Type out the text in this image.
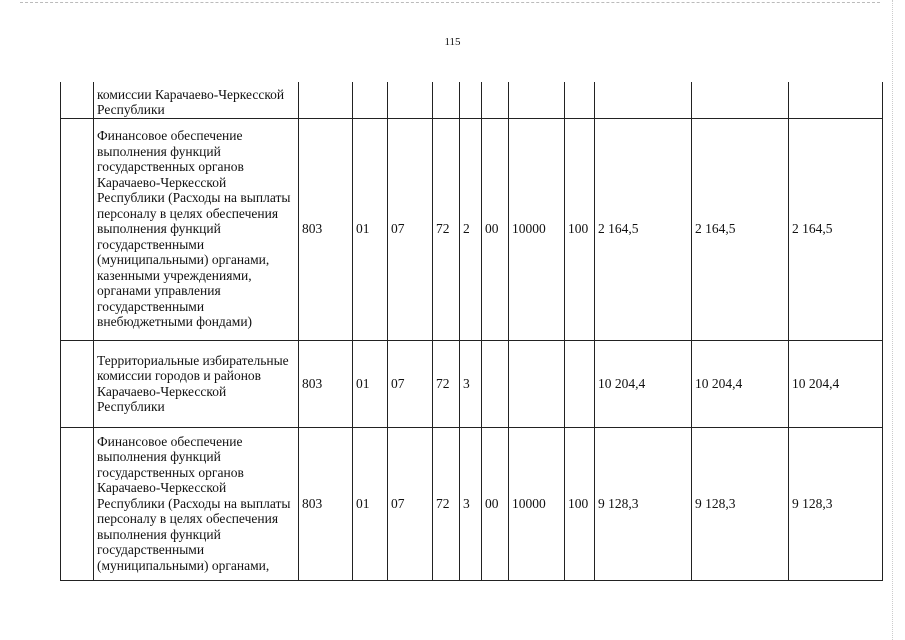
115
	комиссии Карачаево-Черкесской Республики											
	Финансовое обеспечение выполнения функций государственных органов Карачаево-Черкесской Республики (Расходы на выплаты персоналу в целях обеспечения выполнения функций государственными (муниципальными) органами, казенными учреждениями, органами управления государственными внебюджетными фондами)	803	01	07	72	2	00	10000	100	2 164,5	2 164,5	2 164,5
	Территориальные избирательные комиссии городов и районов Карачаево-Черкесской Республики	803	01	07	72	3				10 204,4	10 204,4	10 204,4
	Финансовое обеспечение выполнения функций государственных органов Карачаево-Черкесской Республики (Расходы на выплаты персоналу в целях обеспечения выполнения функций государственными (муниципальными) органами,	803	01	07	72	3	00	10000	100	9 128,3	9 128,3	9 128,3
